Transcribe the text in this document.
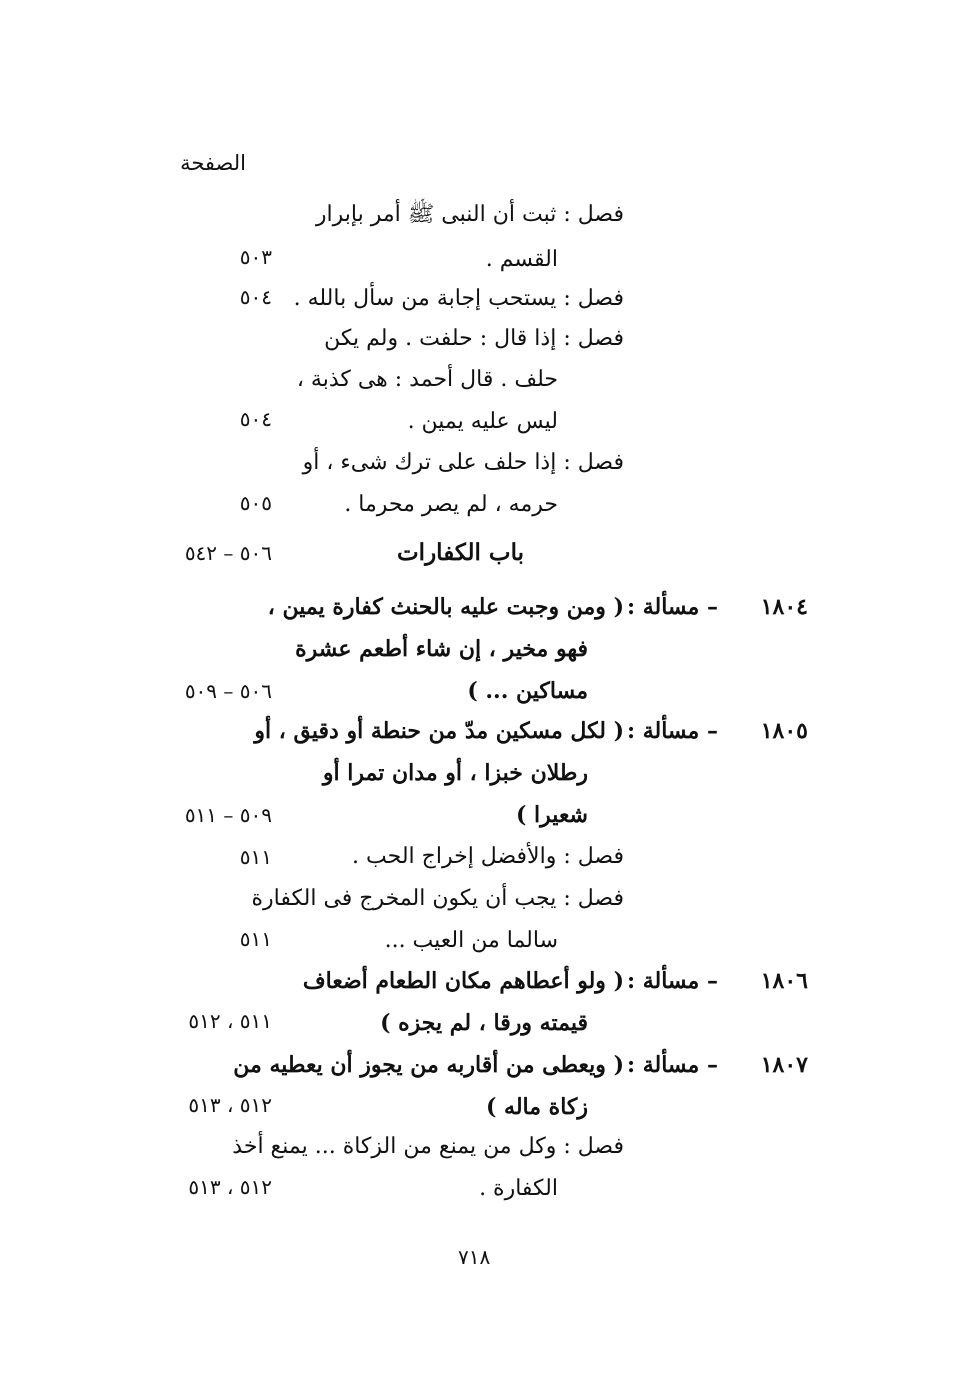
الصفحة
فصل : ثبت أن النبى ﷺ أمر بإبرار
القسم .
٥٠٣
فصل : يستحب إجابة من سأل بالله .
٥٠٤
فصل : إذا قال : حلفت . ولم يكن
حلف . قال أحمد : هى كذبة ،
ليس عليه يمين .
٥٠٤
فصل : إذا حلف على ترك شىء ، أو
حرمه ، لم يصر محرما .
٥٠٥
باب الكفارات
٥٠٦ – ٥٤٢
١٨٠٤
– مسألة :
( ومن وجبت عليه بالحنث كفارة يمين ،
فهو مخير ، إن شاء أطعم عشرة
مساكين ... )
٥٠٦ – ٥٠٩
١٨٠٥
– مسألة :
( لكل مسكين مدّ من حنطة أو دقيق ، أو
رطلان خبزا ، أو مدان تمرا أو
شعيرا )
٥٠٩ – ٥١١
فصل : والأفضل إخراج الحب .
٥١١
فصل : يجب أن يكون المخرج فى الكفارة
سالما من العيب ...
٥١١
١٨٠٦
– مسألة :
( ولو أعطاهم مكان الطعام أضعاف
قيمته ورقا ، لم يجزه )
٥١١ ، ٥١٢
١٨٠٧
– مسألة :
( ويعطى من أقاربه من يجوز أن يعطيه من
زكاة ماله )
٥١٢ ، ٥١٣
فصل : وكل من يمنع من الزكاة ... يمنع أخذ
الكفارة .
٥١٢ ، ٥١٣
٧١٨
